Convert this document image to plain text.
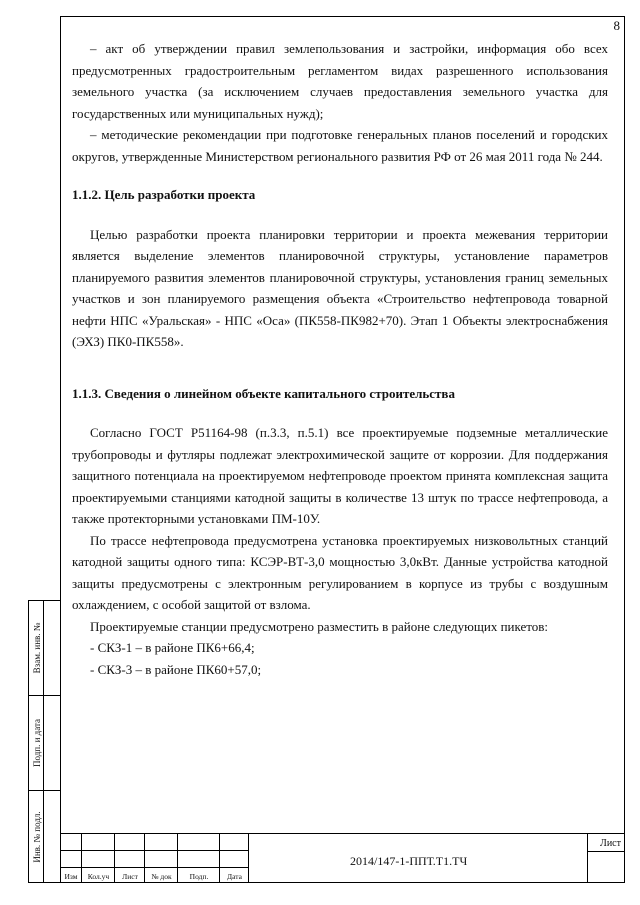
8

– акт об утверждении правил землепользования и застройки, информация обо всех предусмотренных градостроительным регламентом видах разрешенного использования земельного участка (за исключением случаев предоставления земельного участка для государственных или муниципальных нужд);

– методические рекомендации при подготовке генеральных планов поселений и городских округов, утвержденные Министерством регионального развития РФ от 26 мая 2011 года № 244.

1.1.2. Цель разработки проекта

Целью разработки проекта планировки территории и проекта межевания территории является выделение элементов планировочной структуры, установление параметров планируемого развития элементов планировочной структуры, установления границ земельных участков и зон планируемого размещения объекта «Строительство нефтепровода товарной нефти НПС «Уральская» - НПС «Оса» (ПК558-ПК982+70). Этап 1 Объекты электроснабжения (ЭХЗ) ПК0-ПК558».

1.1.3. Сведения о линейном объекте капитального строительства

Согласно ГОСТ Р51164-98 (п.3.3, п.5.1) все проектируемые подземные металлические трубопроводы и футляры подлежат электрохимической защите от коррозии. Для поддержания защитного потенциала на проектируемом нефтепроводе проектом принята комплексная защита проектируемыми станциями катодной защиты в количестве 13 штук по трассе нефтепровода, а также протекторными установками ПМ-10У.

По трассе нефтепровода предусмотрена установка проектируемых низковольтных станций катодной защиты одного типа: КСЭР-ВТ-3,0 мощностью 3,0кВт. Данные устройства катодной защиты предусмотрены с электронным регулированием в корпусе из трубы с воздушным охлаждением, с особой защитой от взлома.

Проектируемые станции предусмотрено разместить в районе следующих пикетов:

- СКЗ-1 – в районе ПК6+66,4;

- СКЗ-3 – в районе ПК60+57,0;

Взам. инв. №
Подп. и дата
Инв. № подл.
Изм	Кол.уч	Лист	№ док	Подп.	Дата
2014/147-1-ППТ.Т1.ТЧ
Лист
